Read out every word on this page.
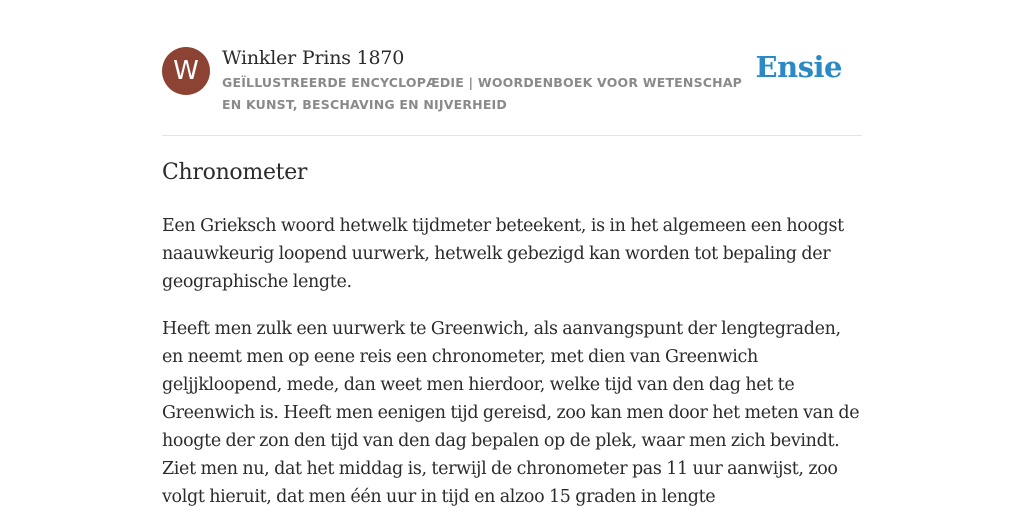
W	Winkler Prins 1870
GEÏLLUSTREERDE ENCYCLOPÆDIE | WOORDENBOEK VOOR WETENSCHAP EN KUNST, BESCHAVING EN NIJVERHEID
Ensie
Chronometer

Een Grieksch woord hetwelk tijdmeter beteekent, is in het algemeen een hoogst naauwkeurig loopend uurwerk, hetwelk gebezigd kan worden tot bepaling der geographische lengte.

Heeft men zulk een uurwerk te Greenwich, als aanvangspunt der lengtegraden, en neemt men op eene reis een chronometer, met dien van Greenwich geljjkloopend, mede, dan weet men hierdoor, welke tijd van den dag het te Greenwich is. Heeft men eenigen tijd gereisd, zoo kan men door het meten van de hoogte der zon den tijd van den dag bepalen op de plek, waar men zich bevindt. Ziet men nu, dat het middag is, terwijl de chronometer pas 11 uur aanwijst, zoo volgt hieruit, dat men één uur in tijd en alzoo 15 graden in lengte
